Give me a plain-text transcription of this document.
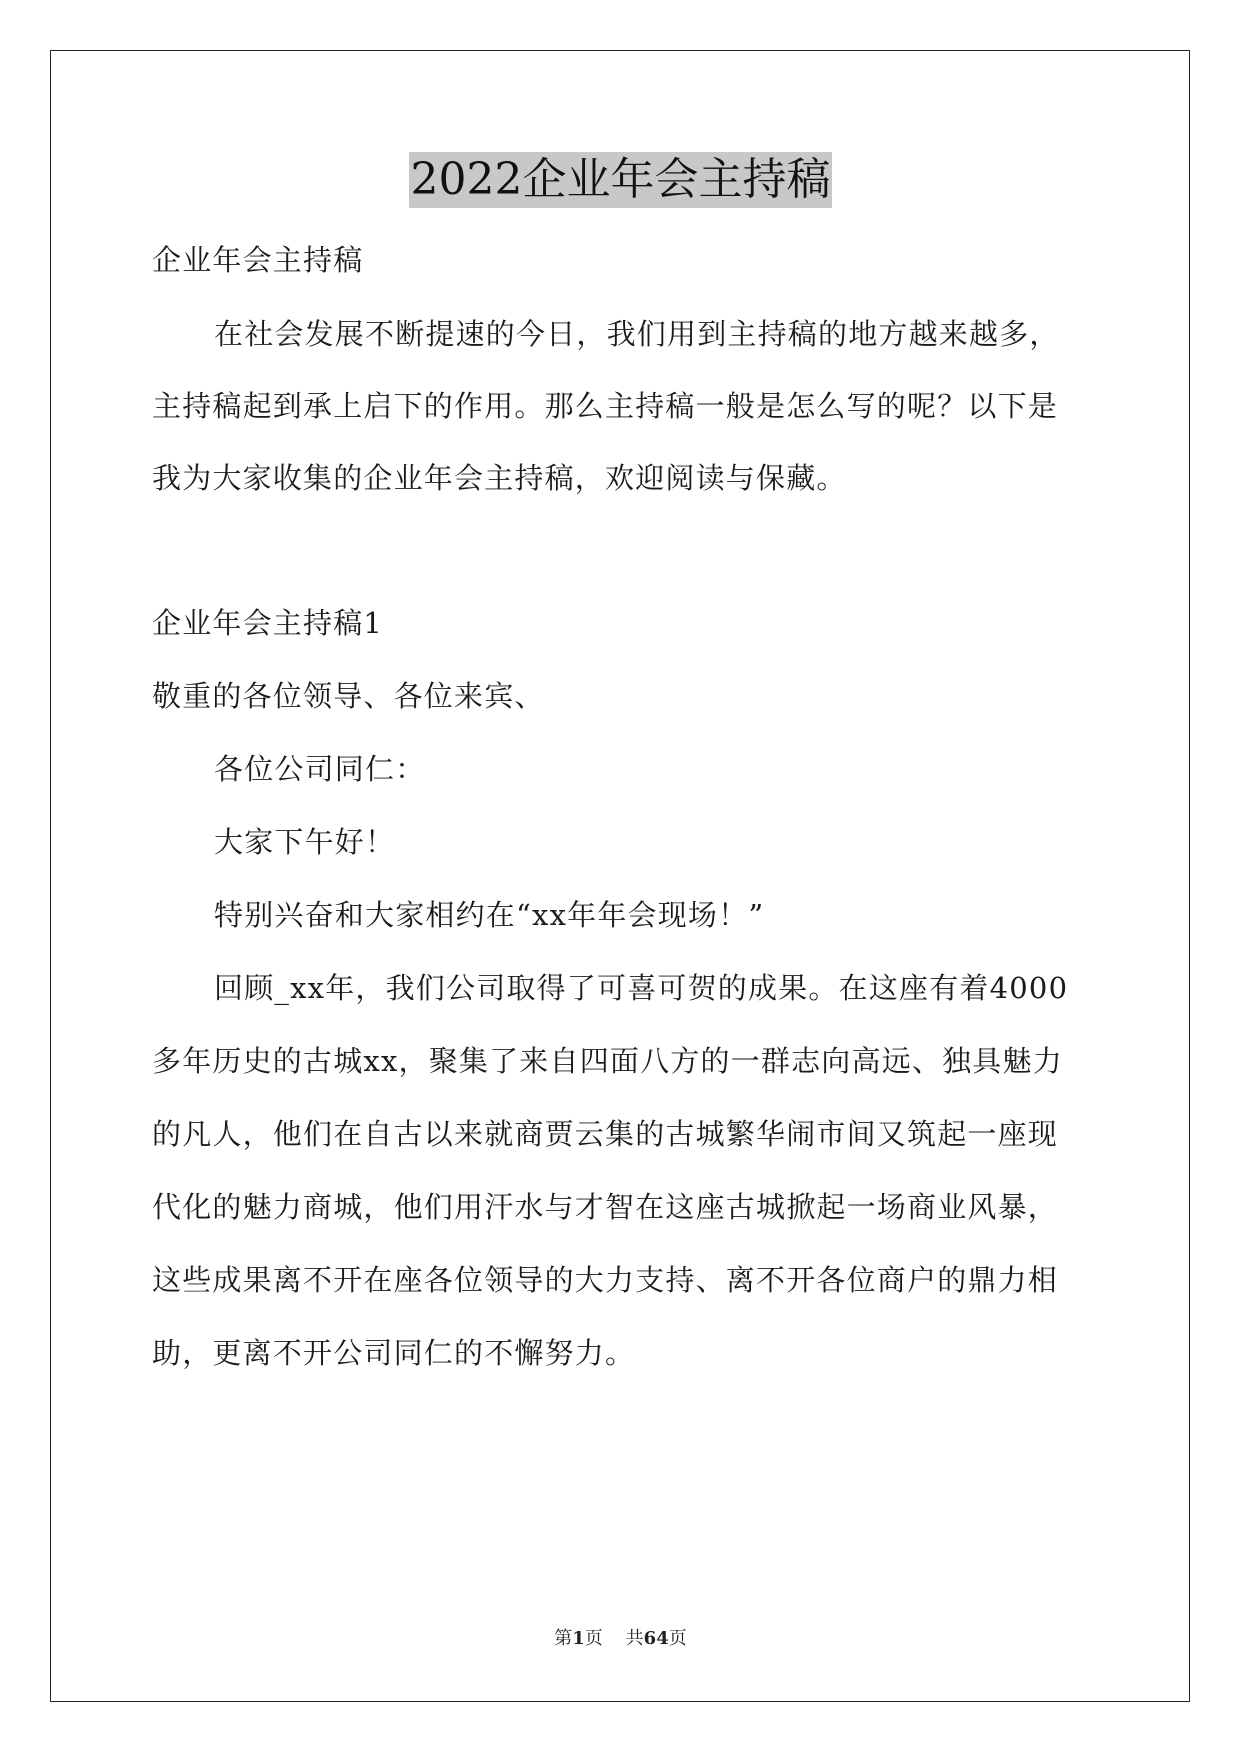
2022企业年会主持稿
企业年会主持稿
在社会发展不断提速的今日，我们用到主持稿的地方越来越多，
主持稿起到承上启下的作用。那么主持稿一般是怎么写的呢？以下是
我为大家收集的企业年会主持稿，欢迎阅读与保藏。
企业年会主持稿1
敬重的各位领导、各位来宾、
各位公司同仁：
大家下午好！
特别兴奋和大家相约在“xx年年会现场！”
回顾_xx年，我们公司取得了可喜可贺的成果。在这座有着4000
多年历史的古城xx，聚集了来自四面八方的一群志向高远、独具魅力
的凡人，他们在自古以来就商贾云集的古城繁华闹市间又筑起一座现
代化的魅力商城，他们用汗水与才智在这座古城掀起一场商业风暴，
这些成果离不开在座各位领导的大力支持、离不开各位商户的鼎力相
助，更离不开公司同仁的不懈努力。
第1页 共64页
